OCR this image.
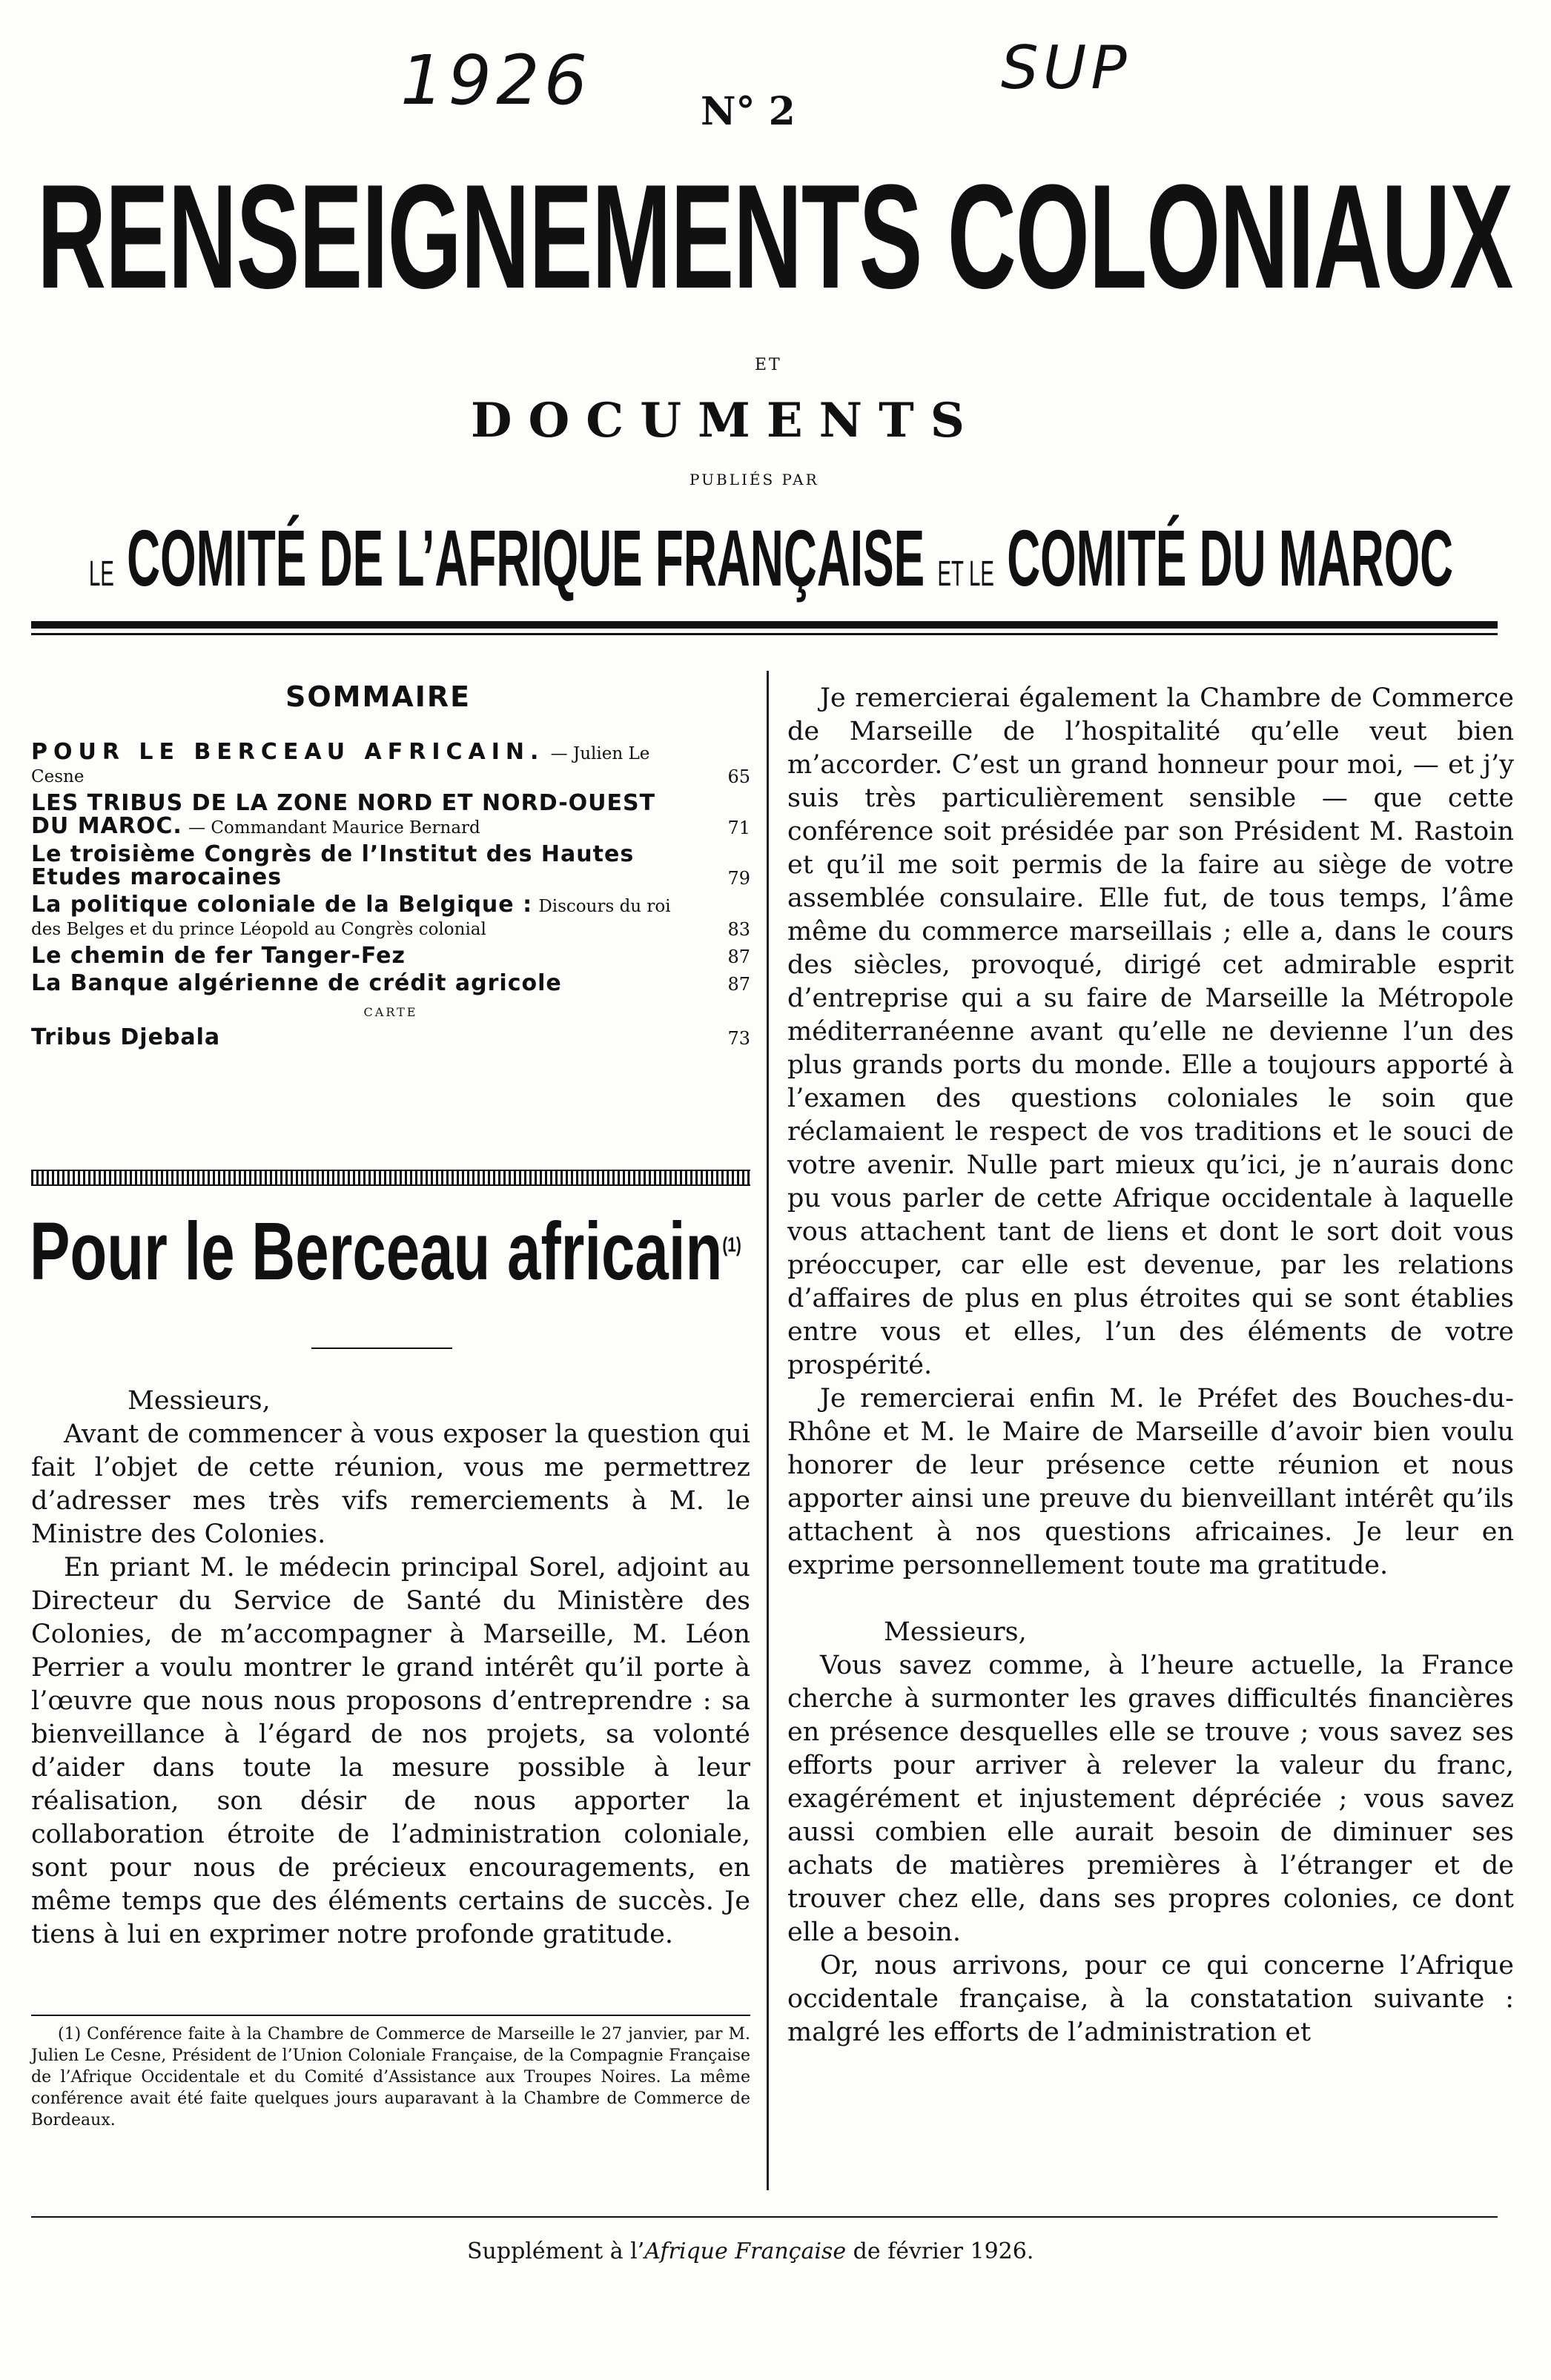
1926	SUP
N° 2
RENSEIGNEMENTS COLONIAUX
ET
DOCUMENTS
PUBLIÉS PAR
LE COMITÉ DE L’AFRIQUE FRANÇAISE ET LE COMITÉ DU MAROC
SOMMAIRE
POUR LE BERCEAU AFRICAIN. — Julien Le Cesne	65
LES TRIBUS DE LA ZONE NORD ET NORD-OUEST DU MAROC. — Commandant Maurice Bernard	71
Le troisième Congrès de l’Institut des Hautes Etudes marocaines	79
La politique coloniale de la Belgique : Discours du roi des Belges et du prince Léopold au Congrès colonial	83
Le chemin de fer Tanger-Fez	87
La Banque algérienne de crédit agricole	87
CARTE
Tribus Djebala	73
Pour le Berceau africain$^{(1)}$

Messieurs,

Avant de commencer à vous exposer la question qui fait l’objet de cette réunion, vous me permettrez d’adresser mes très vifs remerciements à M. le Ministre des Colonies.

En priant M. le médecin principal Sorel, adjoint au Directeur du Service de Santé du Ministère des Colonies, de m’accompagner à Marseille, M. Léon Perrier a voulu montrer le grand intérêt qu’il porte à l’œuvre que nous nous proposons d’entreprendre : sa bienveillance à l’égard de nos projets, sa volonté d’aider dans toute la mesure possible à leur réalisation, son désir de nous apporter la collaboration étroite de l’administration coloniale, sont pour nous de précieux encouragements, en même temps que des éléments certains de succès. Je tiens à lui en exprimer notre profonde gratitude.

(1) Conférence faite à la Chambre de Commerce de Marseille le 27 janvier, par M. Julien Le Cesne, Président de l’Union Coloniale Française, de la Compagnie Française de l’Afrique Occidentale et du Comité d’Assistance aux Troupes Noires. La même conférence avait été faite quelques jours auparavant à la Chambre de Commerce de Bordeaux.

Je remercierai également la Chambre de Commerce de Marseille de l’hospitalité qu’elle veut bien m’accorder. C’est un grand honneur pour moi, — et j’y suis très particulièrement sensible — que cette conférence soit présidée par son Président M. Rastoin et qu’il me soit permis de la faire au siège de votre assemblée consulaire. Elle fut, de tous temps, l’âme même du commerce marseillais ; elle a, dans le cours des siècles, provoqué, dirigé cet admirable esprit d’entreprise qui a su faire de Marseille la Métropole méditerranéenne avant qu’elle ne devienne l’un des plus grands ports du monde. Elle a toujours apporté à l’examen des questions coloniales le soin que réclamaient le respect de vos traditions et le souci de votre avenir. Nulle part mieux qu’ici, je n’aurais donc pu vous parler de cette Afrique occidentale à laquelle vous attachent tant de liens et dont le sort doit vous préoccuper, car elle est devenue, par les relations d’affaires de plus en plus étroites qui se sont établies entre vous et elles, l’un des éléments de votre prospérité.

Je remercierai enfin M. le Préfet des Bouches-du-Rhône et M. le Maire de Marseille d’avoir bien voulu honorer de leur présence cette réunion et nous apporter ainsi une preuve du bienveillant intérêt qu’ils attachent à nos questions africaines. Je leur en exprime personnellement toute ma gratitude.

Messieurs,

Vous savez comme, à l’heure actuelle, la France cherche à surmonter les graves difficultés financières en présence desquelles elle se trouve ; vous savez ses efforts pour arriver à relever la valeur du franc, exagérément et injustement dépréciée ; vous savez aussi combien elle aurait besoin de diminuer ses achats de matières premières à l’étranger et de trouver chez elle, dans ses propres colonies, ce dont elle a besoin.

Or, nous arrivons, pour ce qui concerne l’Afrique occidentale française, à la constatation suivante : malgré les efforts de l’administration et

Supplément à l’Afrique Française de février 1926.
